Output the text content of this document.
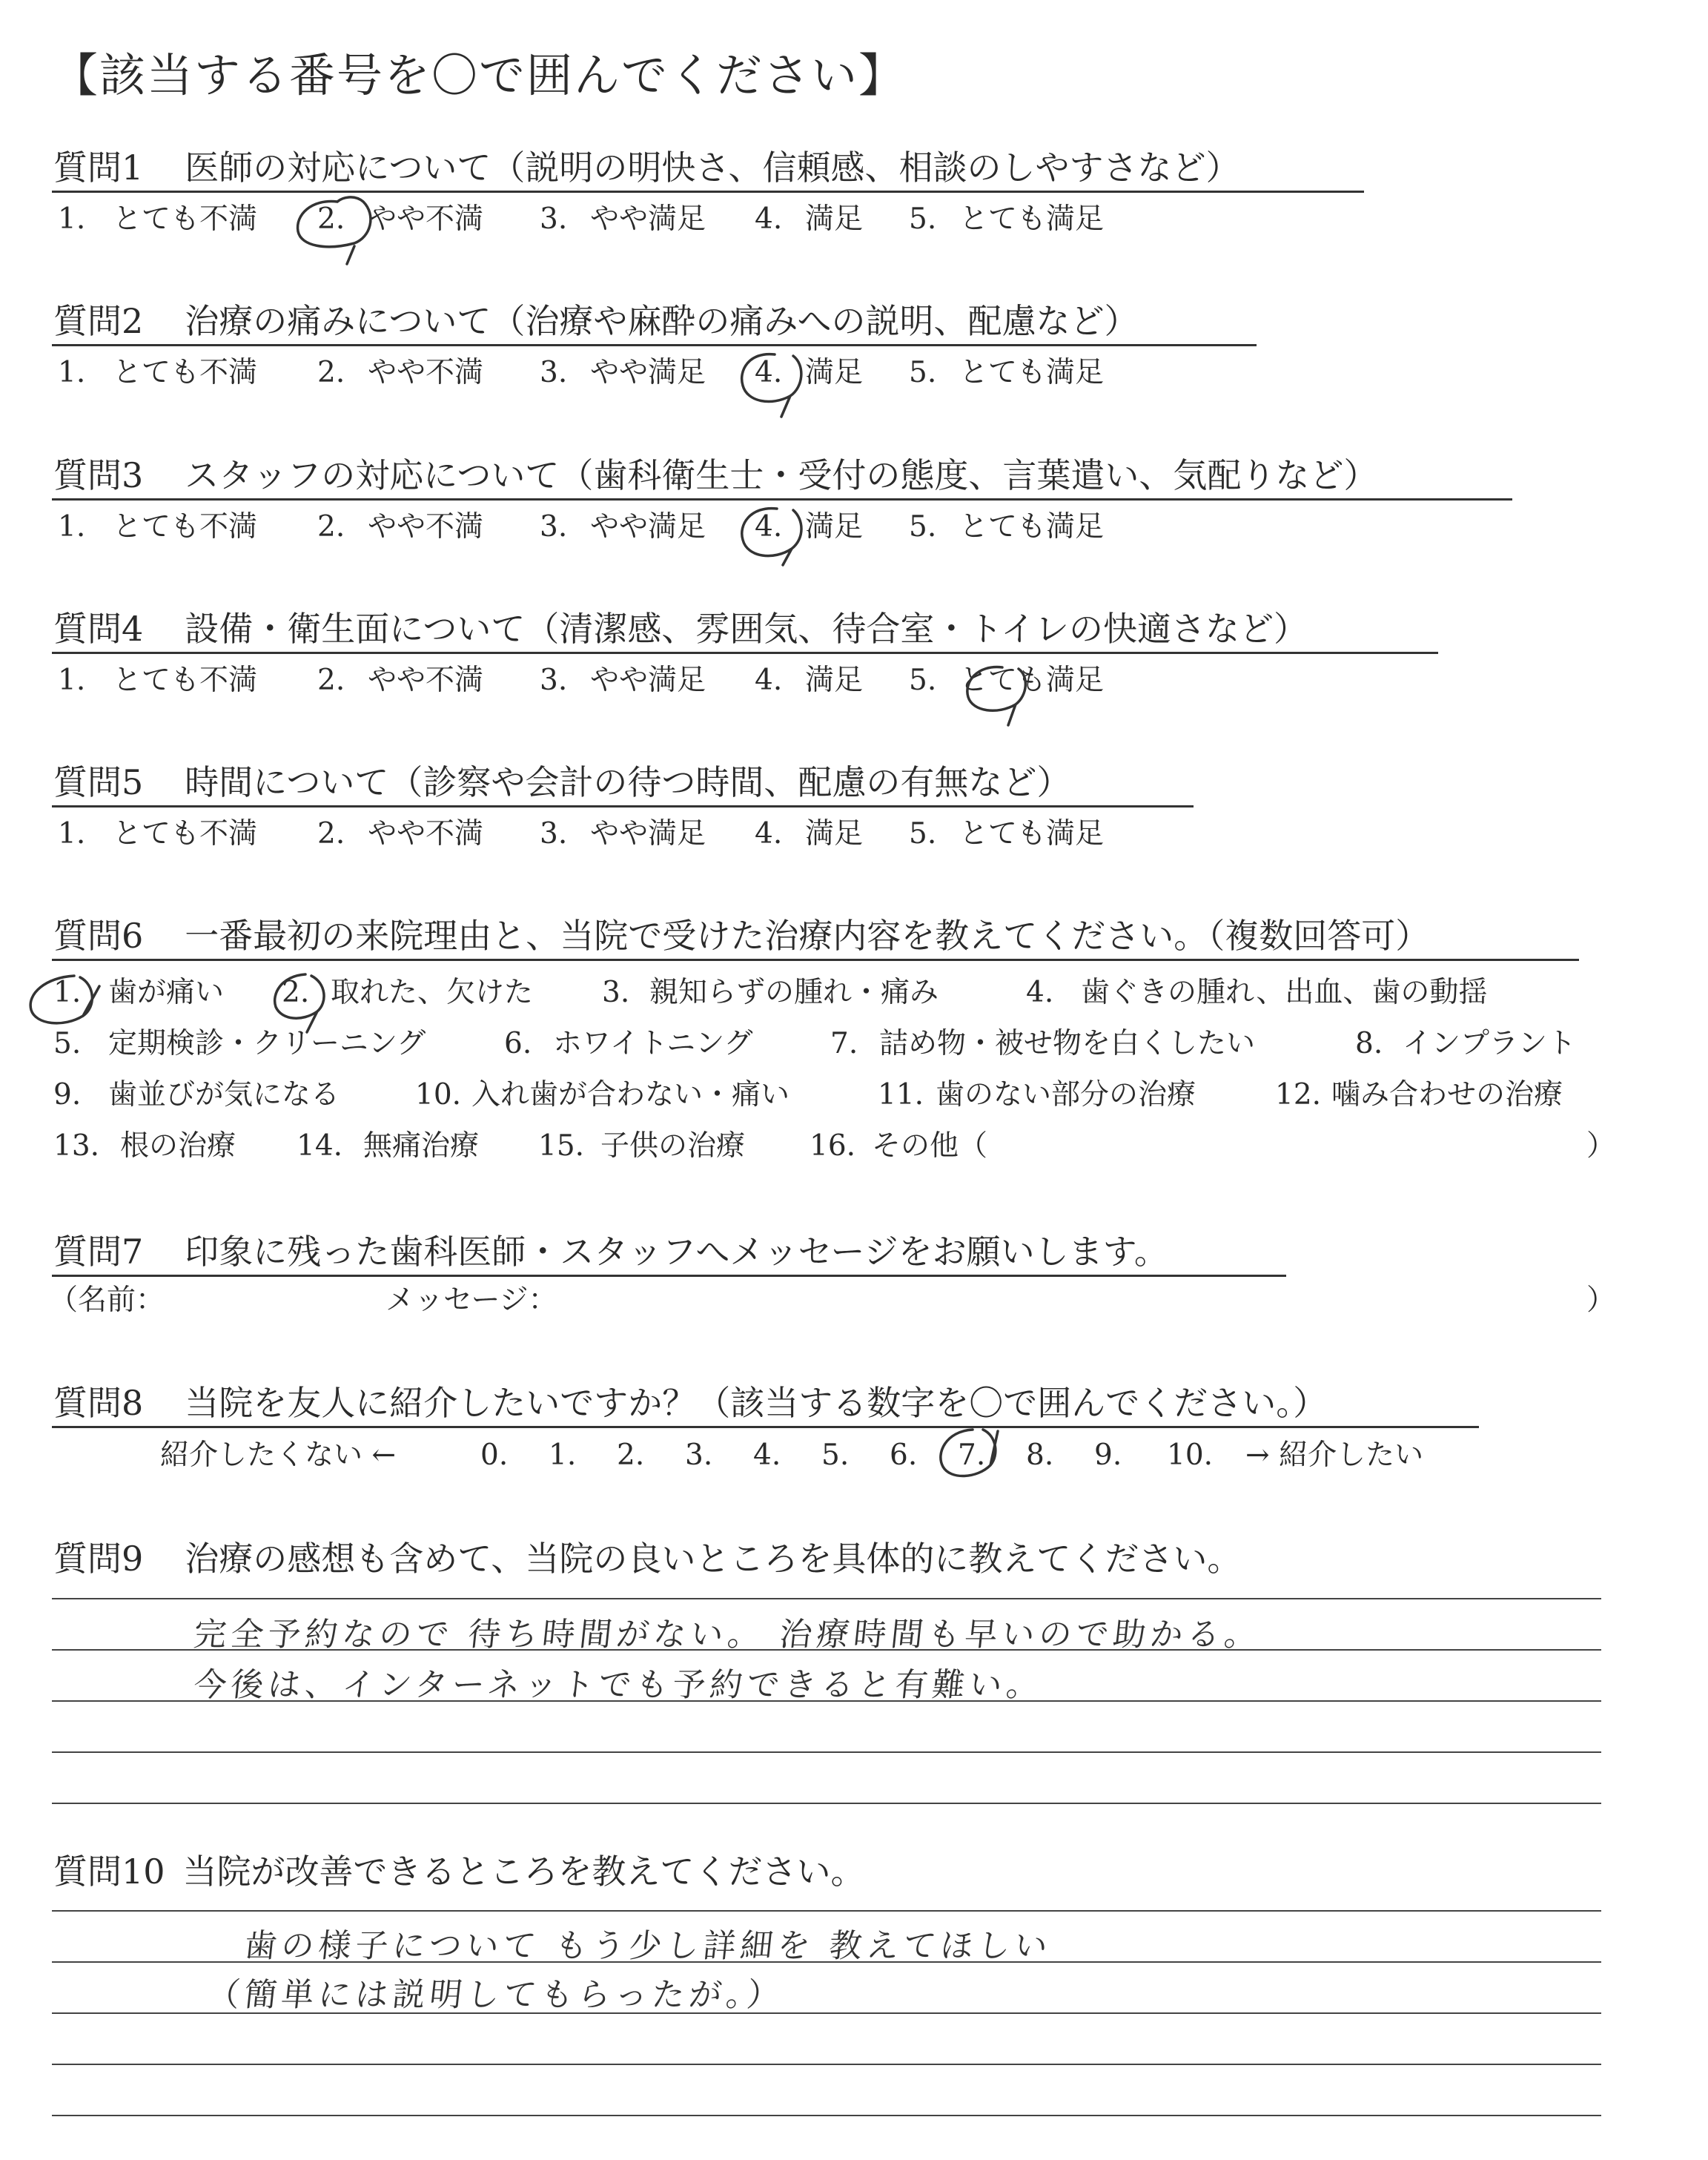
【該当する番号を〇で囲んでください】
質問1 医師の対応について（説明の明快さ、信頼感、相談のしやすさなど）
1. とても不満 2. やや不満 3. やや満足 4. 満足 5. とても満足
質問2 治療の痛みについて（治療や麻酔の痛みへの説明、配慮など）
1. とても不満 2. やや不満 3. やや満足 4. 満足 5. とても満足
質問3 スタッフの対応について（歯科衛生士・受付の態度、言葉遣い、気配りなど）
1. とても不満 2. やや不満 3. やや満足 4. 満足 5. とても満足
質問4 設備・衛生面について（清潔感、雰囲気、待合室・トイレの快適さなど）
1. とても不満 2. やや不満 3. やや満足 4. 満足 5. とても満足
質問5 時間について（診察や会計の待つ時間、配慮の有無など）
1. とても不満 2. やや不満 3. やや満足 4. 満足 5. とても満足
質問6 一番最初の来院理由と、当院で受けた治療内容を教えてください。（複数回答可）
1. 歯が痛い 2. 取れた、欠けた 3. 親知らずの腫れ・痛み	4. 歯ぐきの腫れ、出血、歯の動揺
5. 定期検診・クリーニング	6. ホワイトニング	7. 詰め物・被せ物を白くしたい	8. インプラント
9. 歯並びが気になる	10. 入れ歯が合わない・痛い	11. 歯のない部分の治療	12. 噛み合わせの治療
13. 根の治療 14. 無痛治療 15. 子供の治療 16. その他（	）
質問7 印象に残った歯科医師・スタッフへメッセージをお願いします。
（名前：	メッセージ：	）
質問8 当院を友人に紹介したいですか？（該当する数字を〇で囲んでください。）
紹介したくない ←	0. 1. 2. 3. 4. 5. 6. 7. 8. 9. 10. → 紹介したい
質問9 治療の感想も含めて、当院の良いところを具体的に教えてください。
完全予約なので 待ち時間がない。 治療時間も早いので助かる。
今後は、インターネットでも予約できると有難い。
質問10 当院が改善できるところを教えてください。
歯の様子について もう少し詳細を 教えてほしい
（簡単には説明してもらったが。）
